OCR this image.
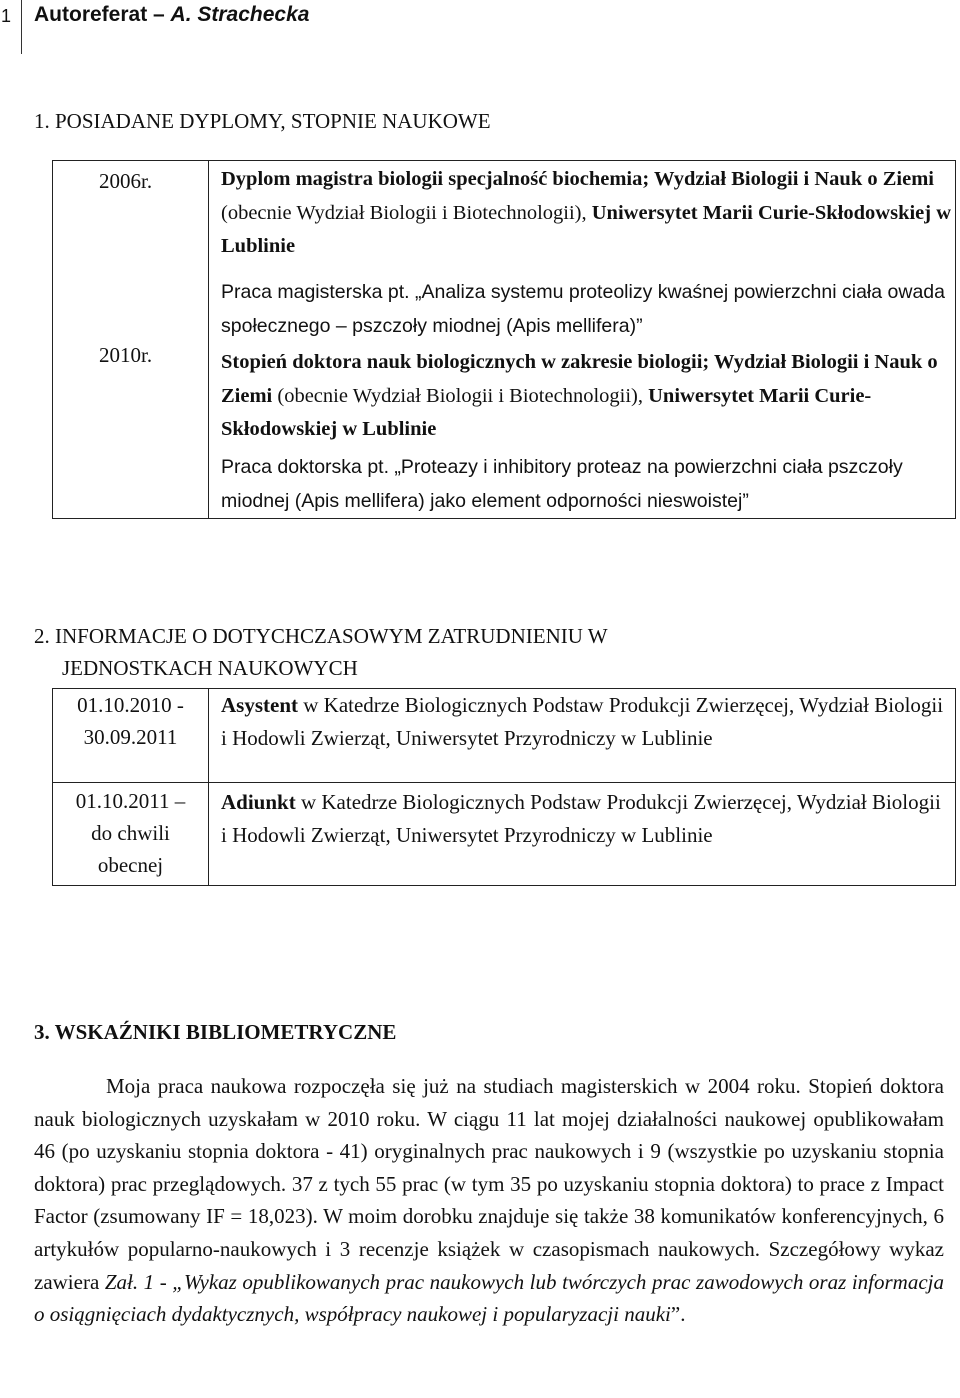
1 Autoreferat – A. Strachecka
1. POSIADANE DYPLOMY, STOPNIE NAUKOWE
2006r.	Dyplom magistra biologii specjalność biochemia; Wydział Biologii i Nauk o Ziemi (obecnie Wydział Biologii i Biotechnologii), Uniwersytet Marii Curie-Skłodowskiej w Lublinie
Praca magisterska pt. „Analiza systemu proteolizy kwaśnej powierzchni ciała owada społecznego – pszczoły miodnej (Apis mellifera)”
2010r.	Stopień doktora nauk biologicznych w zakresie biologii; Wydział Biologii i Nauk o Ziemi (obecnie Wydział Biologii i Biotechnologii), Uniwersytet Marii Curie-Skłodowskiej w Lublinie
Praca doktorska pt. „Proteazy i inhibitory proteaz na powierzchni ciała pszczoły miodnej (Apis mellifera) jako element odporności nieswoistej”
2. INFORMACJE O DOTYCHCZASOWYM ZATRUDNIENIU W
JEDNOSTKACH NAUKOWYCH
01.10.2010 -
30.09.2011
Asystent w Katedrze Biologicznych Podstaw Produkcji Zwierzęcej, Wydział Biologii i Hodowli Zwierząt, Uniwersytet Przyrodniczy w Lublinie
01.10.2011 –
do chwili
obecnej
Adiunkt w Katedrze Biologicznych Podstaw Produkcji Zwierzęcej, Wydział Biologii i Hodowli Zwierząt, Uniwersytet Przyrodniczy w Lublinie
3. WSKAŹNIKI BIBLIOMETRYCZNE
Moja praca naukowa rozpoczęła się już na studiach magisterskich w 2004 roku. Stopień doktora nauk biologicznych uzyskałam w 2010 roku. W ciągu 11 lat mojej działalności naukowej opublikowałam 46 (po uzyskaniu stopnia doktora - 41) oryginalnych prac naukowych i 9 (wszystkie po uzyskaniu stopnia doktora) prac przeglądowych. 37 z tych 55 prac (w tym 35 po uzyskaniu stopnia doktora) to prace z Impact Factor (zsumowany IF = 18,023). W moim dorobku znajduje się także 38 komunikatów konferencyjnych, 6 artykułów popularno-naukowych i 3 recenzje książek w czasopismach naukowych. Szczegółowy wykaz zawiera Zał. 1 - „Wykaz opublikowanych prac naukowych lub twórczych prac zawodowych oraz informacja o osiągnięciach dydaktycznych, współpracy naukowej i popularyzacji nauki”.
